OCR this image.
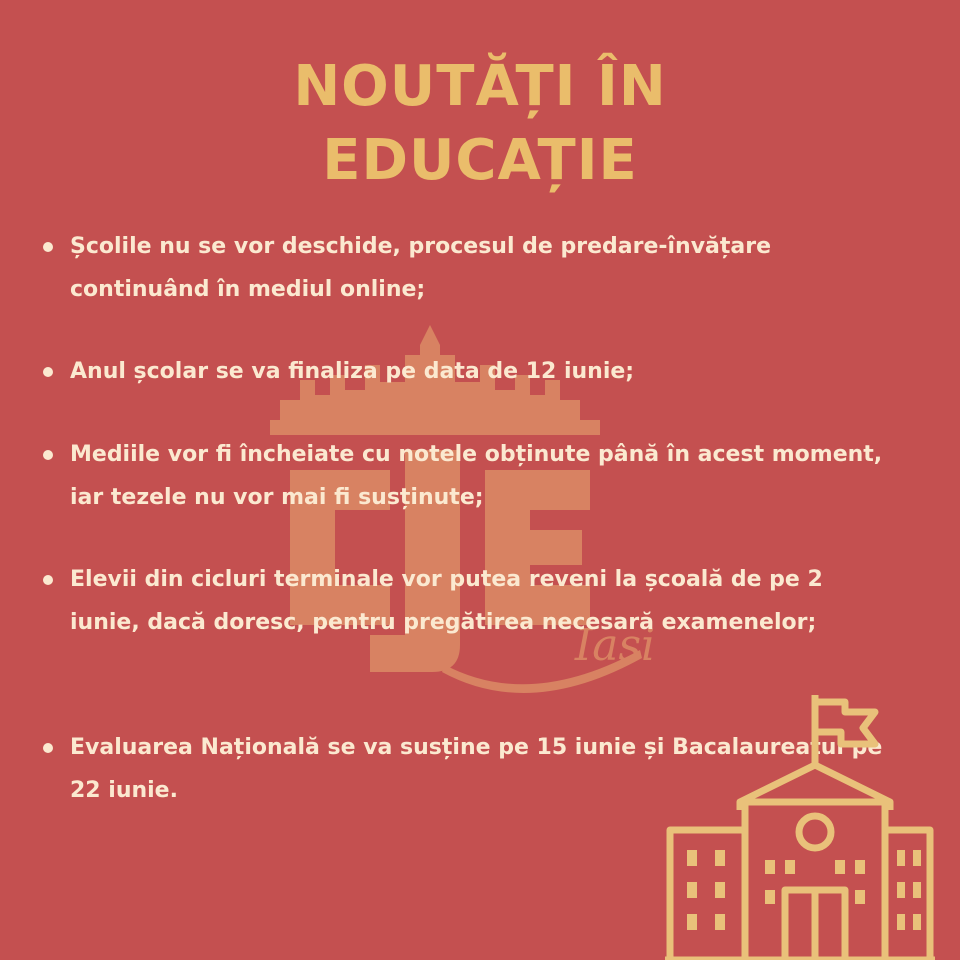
Iasi
NOUTĂȚI ÎN
EDUCAȚIE
Școlile nu se vor deschide, procesul de predare-învățare continuând în mediul online;
Anul școlar se va finaliza pe data de 12 iunie;
Mediile vor fi încheiate cu notele obținute până în acest moment, iar tezele nu vor mai fi susținute;
Elevii din cicluri terminale vor putea reveni la școală de pe 2 iunie, dacă doresc, pentru pregătirea necesară examenelor;
Evaluarea Națională se va susține pe 15 iunie și Bacalaureatul pe 22 iunie.
